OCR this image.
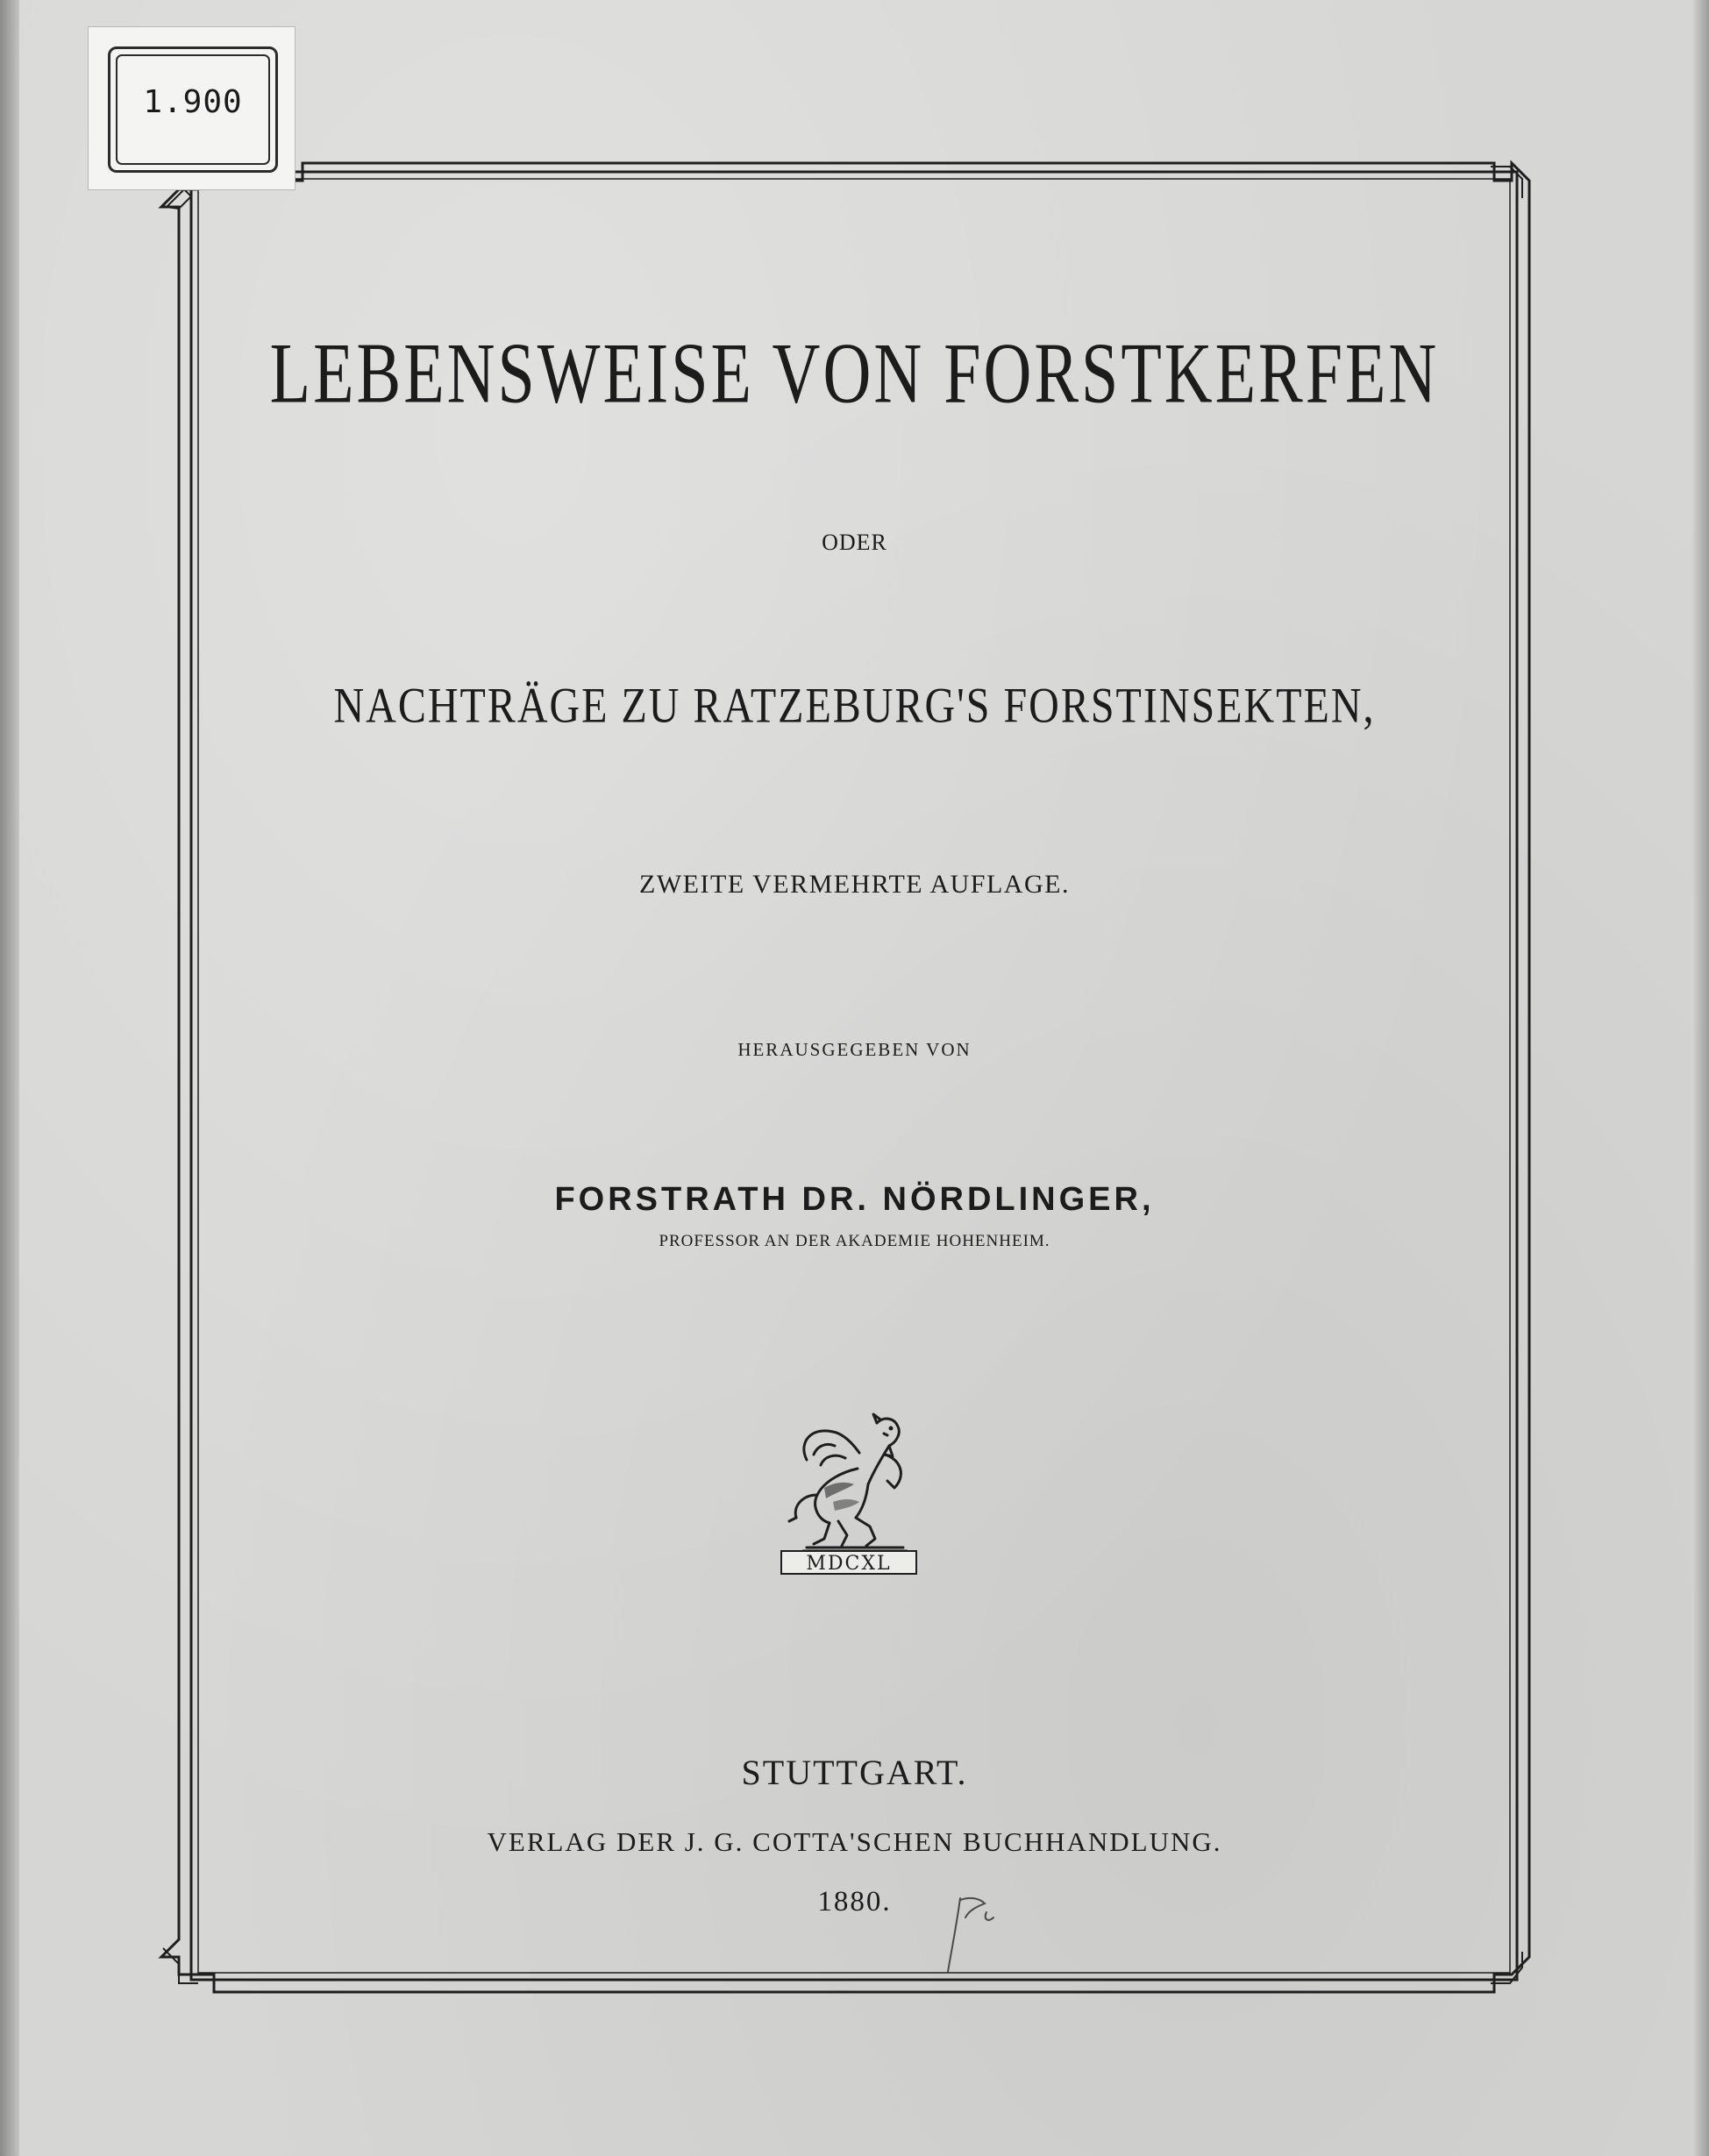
1.900
LEBENSWEISE VON FORSTKERFEN
ODER
NACHTRÄGE ZU RATZEBURG'S FORSTINSEKTEN,
ZWEITE VERMEHRTE AUFLAGE.
HERAUSGEGEBEN VON
FORSTRATH DR. NÖRDLINGER,
PROFESSOR AN DER AKADEMIE HOHENHEIM.
MDCXL
STUTTGART.
VERLAG DER J. G. COTTA'SCHEN BUCHHANDLUNG.
1880.
